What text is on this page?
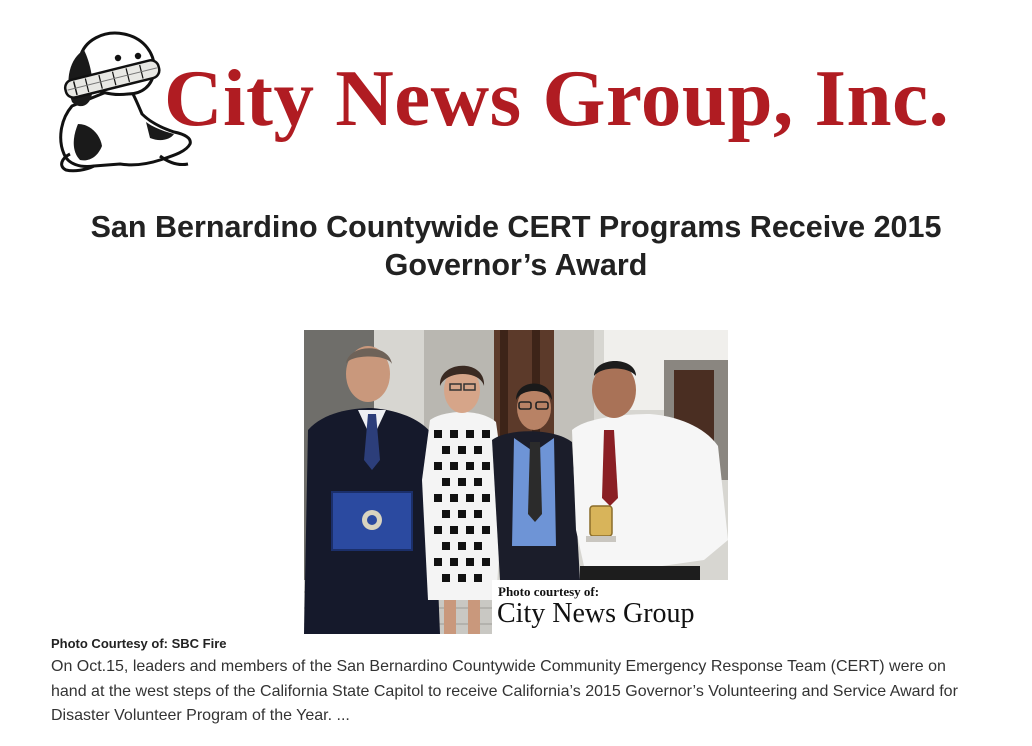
City News Group, Inc.
San Bernardino Countywide CERT Programs Receive 2015 Governor’s Award
Photo courtesy of:
City News Group
Photo Courtesy of: SBC Fire

On Oct.15, leaders and members of the San Bernardino Countywide Community Emergency Response Team (CERT) were on hand at the west steps of the California State Capitol to receive California’s 2015 Governor’s Volunteering and Service Award for Disaster Volunteer Program of the Year. ...
